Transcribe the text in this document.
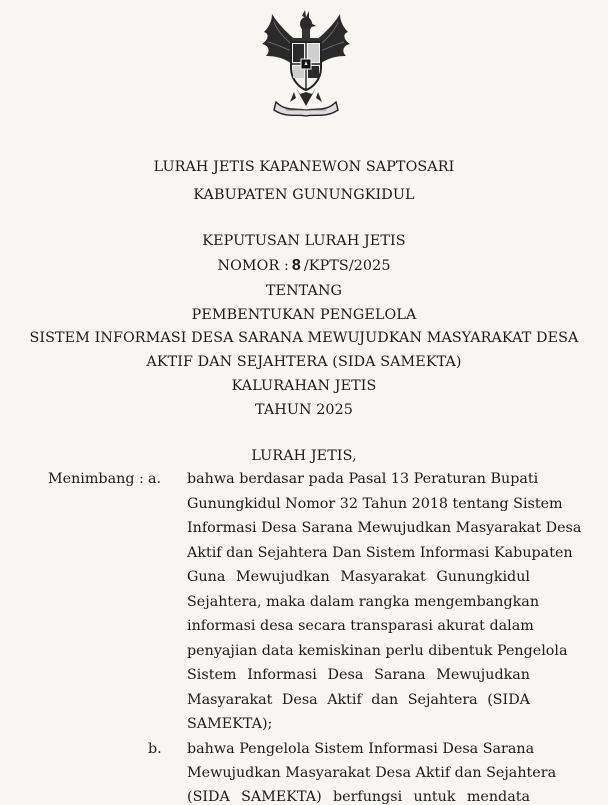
LURAH JETIS KAPANEWON SAPTOSARI
KABUPATEN GUNUNGKIDUL
KEPUTUSAN LURAH JETIS
NOMOR : 8 /KPTS/2025
TENTANG
PEMBENTUKAN PENGELOLA
SISTEM INFORMASI DESA SARANA MEWUJUDKAN MASYARAKAT DESA
AKTIF DAN SEJAHTERA (SIDA SAMEKTA)
KALURAHAN JETIS
TAHUN 2025
LURAH JETIS,
Menimbang : a. bahwa berdasar pada Pasal 13 Peraturan Bupati
Gunungkidul Nomor 32 Tahun 2018 tentang Sistem
Informasi Desa Sarana Mewujudkan Masyarakat Desa
Aktif dan Sejahtera Dan Sistem Informasi Kabupaten
Guna Mewujudkan Masyarakat Gunungkidul
Sejahtera, maka dalam rangka mengembangkan
informasi desa secara transparasi akurat dalam
penyajian data kemiskinan perlu dibentuk Pengelola
Sistem Informasi Desa Sarana Mewujudkan
Masyarakat Desa Aktif dan Sejahtera (SIDA
SAMEKTA);
b. bahwa Pengelola Sistem Informasi Desa Sarana
Mewujudkan Masyarakat Desa Aktif dan Sejahtera
(SIDA SAMEKTA) berfungsi untuk mendata
